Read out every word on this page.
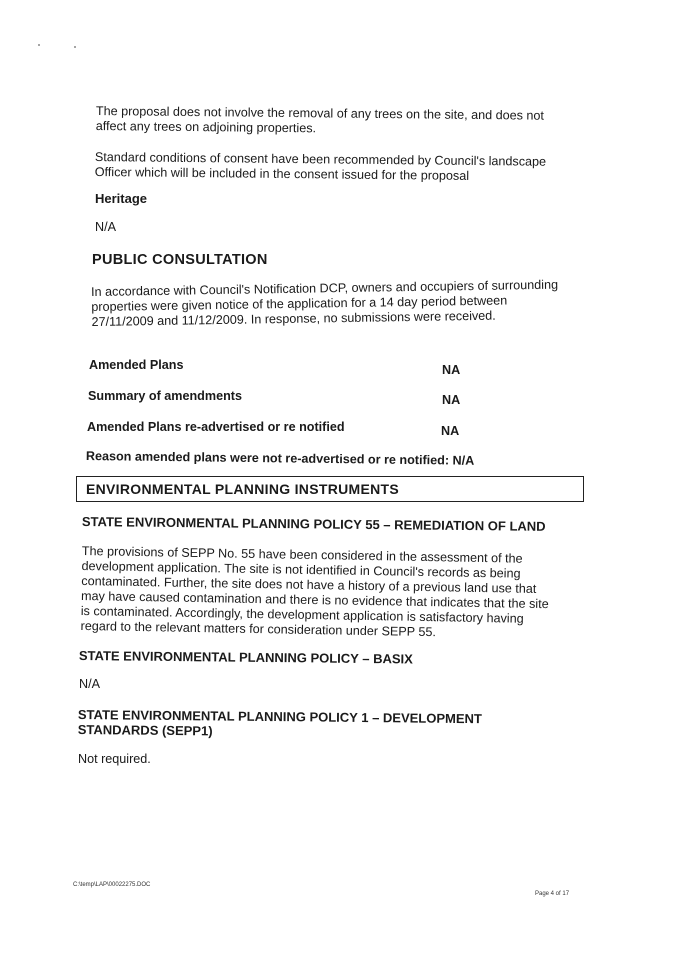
The proposal does not involve the removal of any trees on the site, and does not affect any trees on adjoining properties.

Standard conditions of consent have been recommended by Council's landscape Officer which will be included in the consent issued for the proposal

Heritage
N/A
PUBLIC CONSULTATION

In accordance with Council's Notification DCP, owners and occupiers of surrounding properties were given notice of the application for a 14 day period between 27/11/2009 and 11/12/2009. In response, no submissions were received.

Amended Plans	NA
Summary of amendments	NA
Amended Plans re-advertised or re notified	NA
Reason amended plans were not re-advertised or re notified: N/A
ENVIRONMENTAL PLANNING INSTRUMENTS
STATE ENVIRONMENTAL PLANNING POLICY 55 – REMEDIATION OF LAND

The provisions of SEPP No. 55 have been considered in the assessment of the development application. The site is not identified in Council's records as being contaminated. Further, the site does not have a history of a previous land use that may have caused contamination and there is no evidence that indicates that the site is contaminated. Accordingly, the development application is satisfactory having regard to the relevant matters for consideration under SEPP 55.

STATE ENVIRONMENTAL PLANNING POLICY – BASIX
N/A
STATE ENVIRONMENTAL PLANNING POLICY 1 – DEVELOPMENT STANDARDS (SEPP1)
Not required.
C:\temp\LAP\00022275.DOC
Page 4 of 17
